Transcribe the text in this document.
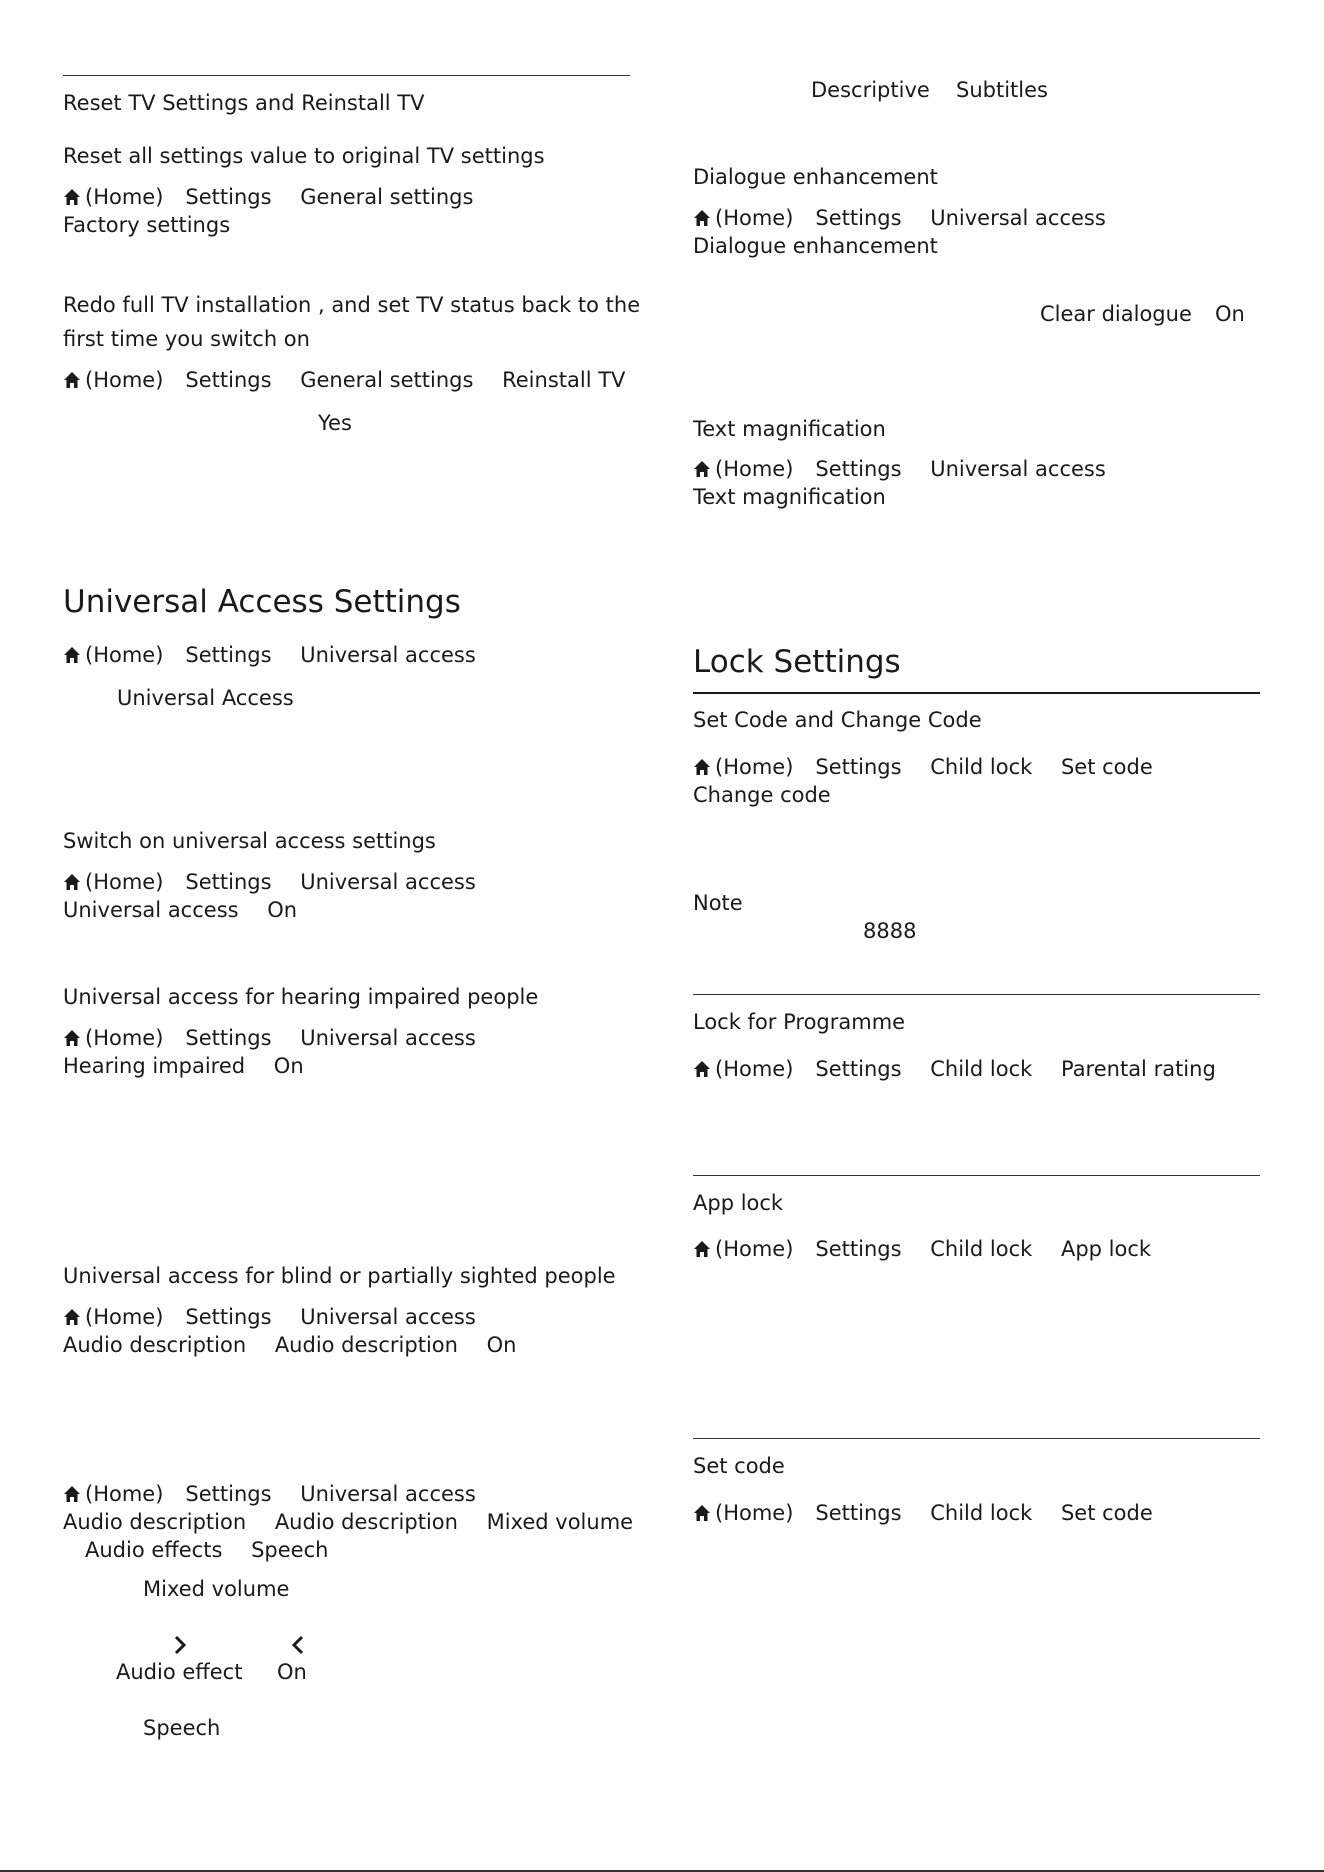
Reset TV Settings and Reinstall TV
Reset all settings value to original TV settings
(Home) Settings General settings Factory settings
Redo full TV installation , and set TV status back to the
first time you switch on
(Home) Settings General settings Reinstall TV
Yes
Universal Access Settings
(Home) Settings Universal access
Universal Access
Switch on universal access settings
(Home) Settings Universal access Universal access On
Universal access for hearing impaired people
(Home) Settings Universal access Hearing impaired On
Universal access for blind or partially sighted people
(Home) Settings Universal access Audio description Audio description On
(Home) Settings Universal access Audio description Audio description Mixed volume Audio effects Speech
Mixed volume
Audio effect On
Speech
Descriptive Subtitles
Dialogue enhancement
(Home) Settings Universal access Dialogue enhancement
Clear dialogue On
Text magnification
(Home) Settings Universal access Text magnification
Lock Settings
Set Code and Change Code
(Home) Settings Child lock Set code Change code
Note
8888
Lock for Programme
(Home) Settings Child lock Parental rating
App lock
(Home) Settings Child lock App lock
Set code
(Home) Settings Child lock Set code
